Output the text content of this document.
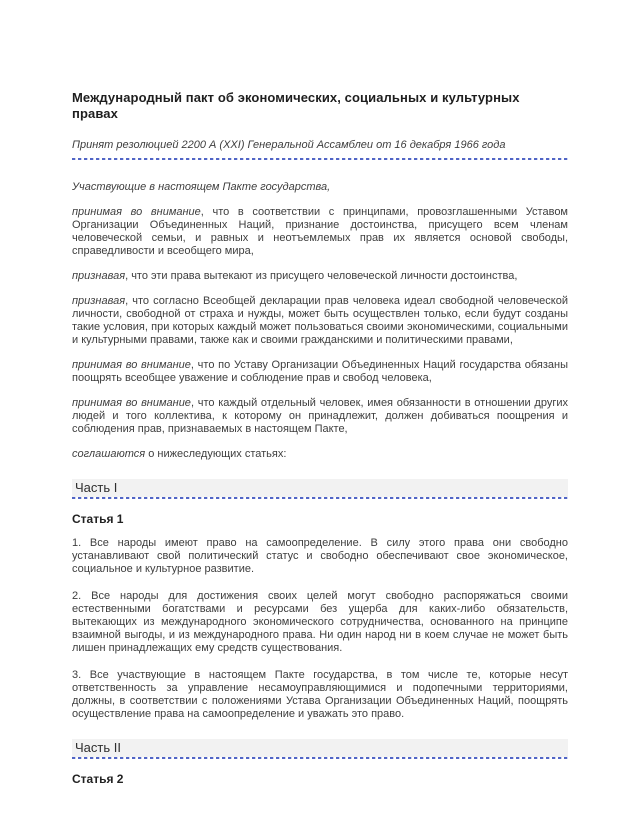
Международный пакт об экономических, социальных и культурных правах

Принят резолюцией 2200 А (XXI) Генеральной Ассамблеи от 16 декабря 1966 года

Участвующие в настоящем Пакте государства,

принимая во внимание, что в соответствии с принципами, провозглашенными Уставом Организации Объединенных Наций, признание достоинства, присущего всем членам человеческой семьи, и равных и неотъемлемых прав их является основой свободы, справедливости и всеобщего мира,

признавая, что эти права вытекают из присущего человеческой личности достоинства,

признавая, что согласно Всеобщей декларации прав человека идеал свободной человеческой личности, свободной от страха и нужды, может быть осуществлен только, если будут созданы такие условия, при которых каждый может пользоваться своими экономическими, социальными и культурными правами, также как и своими гражданскими и политическими правами,

принимая во внимание, что по Уставу Организации Объединенных Наций государства обязаны поощрять всеобщее уважение и соблюдение прав и свобод человека,

принимая во внимание, что каждый отдельный человек, имея обязанности в отношении других людей и того коллектива, к которому он принадлежит, должен добиваться поощрения и соблюдения прав, признаваемых в настоящем Пакте,

соглашаются о нижеследующих статьях:

Часть I
Статья 1

1. Все народы имеют право на самоопределение. В силу этого права они свободно устанавливают свой политический статус и свободно обеспечивают свое экономическое, социальное и культурное развитие.

2. Все народы для достижения своих целей могут свободно распоряжаться своими естественными богатствами и ресурсами без ущерба для каких-либо обязательств, вытекающих из международного экономического сотрудничества, основанного на принципе взаимной выгоды, и из международного права. Ни один народ ни в коем случае не может быть лишен принадлежащих ему средств существования.

3. Все участвующие в настоящем Пакте государства, в том числе те, которые несут ответственность за управление несамоуправляющимися и подопечными территориями, должны, в соответствии с положениями Устава Организации Объединенных Наций, поощрять осуществление права на самоопределение и уважать это право.

Часть II
Статья 2
